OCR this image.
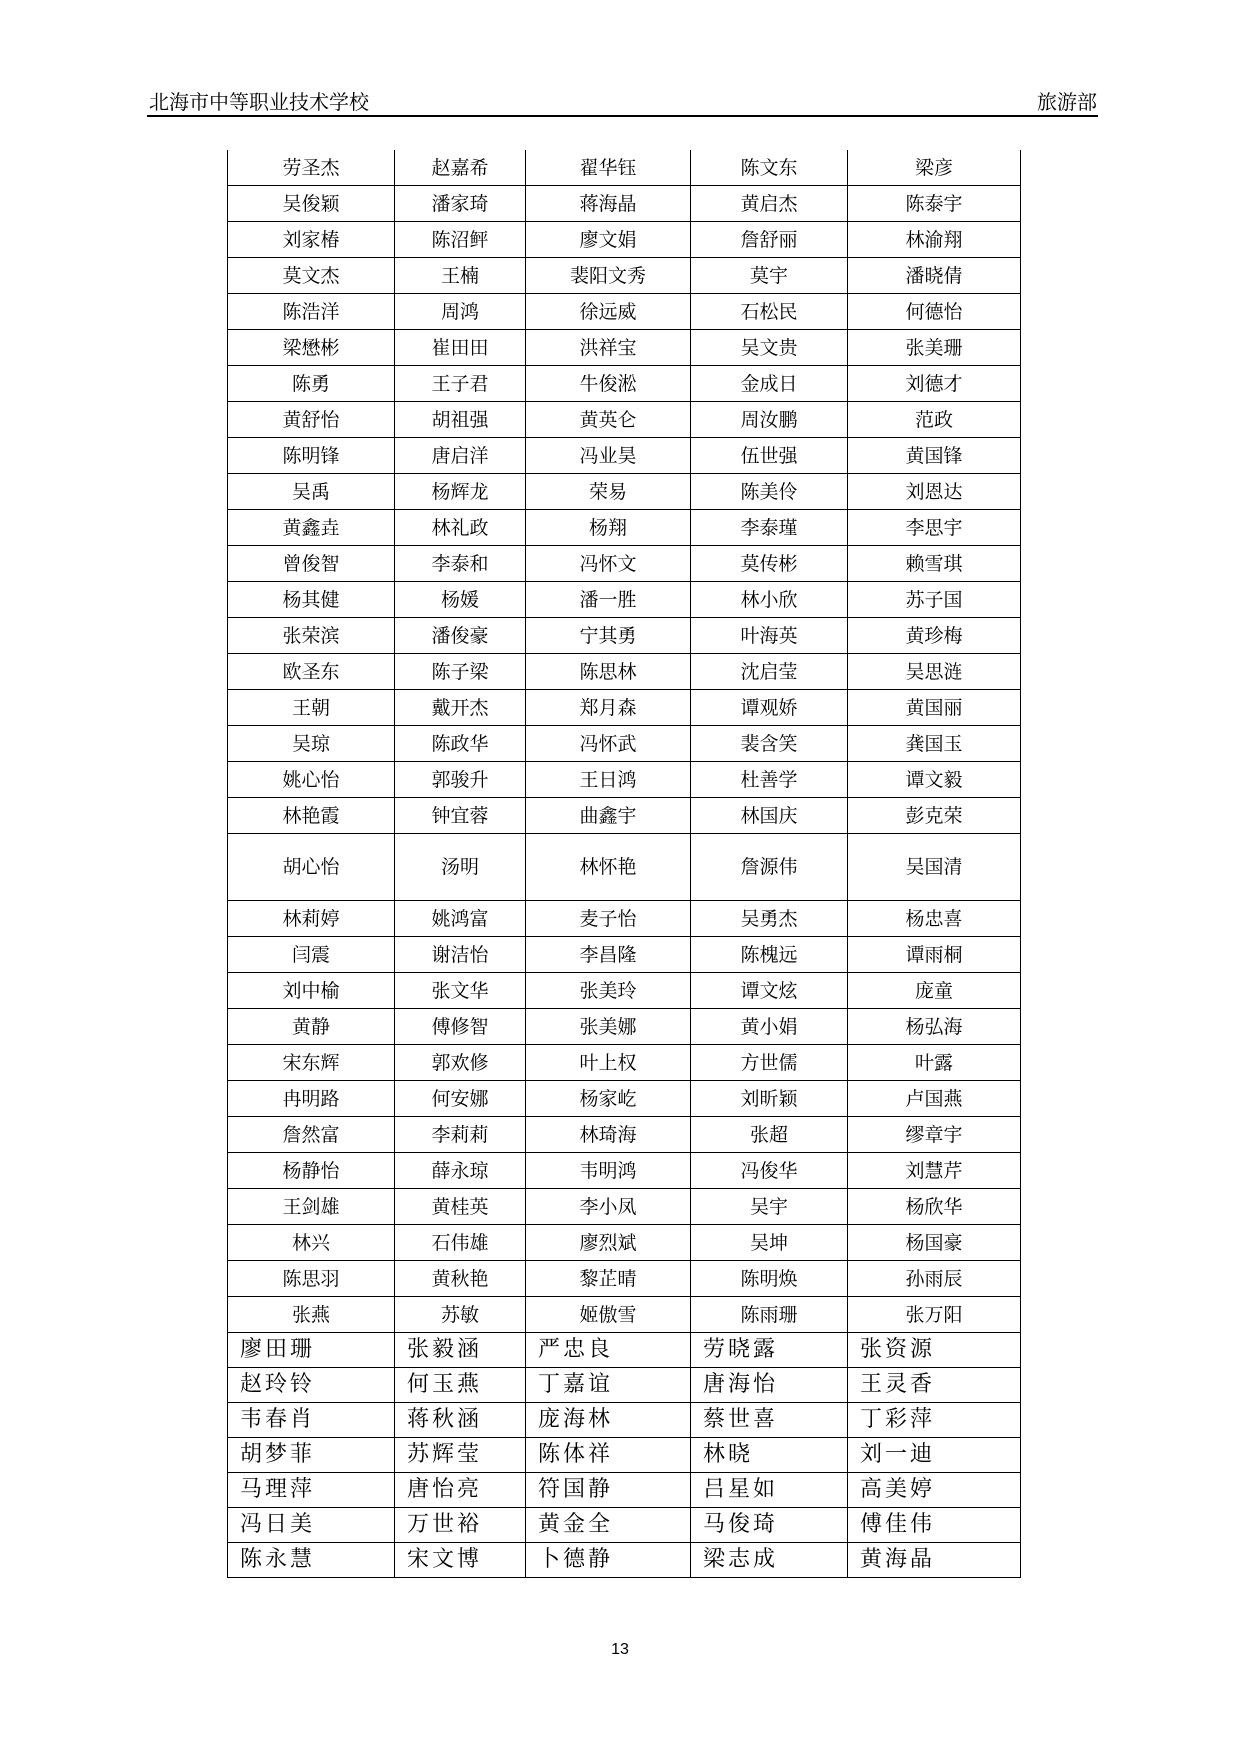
北海市中等职业技术学校	旅游部
劳圣杰	赵嘉希	翟华钰	陈文东	梁彦
吴俊颖	潘家琦	蒋海晶	黄启杰	陈泰宇
刘家椿	陈沼鲆	廖文娟	詹舒丽	林渝翔
莫文杰	王楠	裴阳文秀	莫宇	潘晓倩
陈浩洋	周鸿	徐远威	石松民	何德怡
梁懋彬	崔田田	洪祥宝	吴文贵	张美珊
陈勇	王子君	牛俊淞	金成日	刘德才
黄舒怡	胡祖强	黄英仑	周汝鹏	范政
陈明锋	唐启洋	冯业昊	伍世强	黄国锋
吴禹	杨辉龙	荣易	陈美伶	刘恩达
黄鑫垚	林礼政	杨翔	李泰瑾	李思宇
曾俊智	李泰和	冯怀文	莫传彬	赖雪琪
杨其健	杨媛	潘一胜	林小欣	苏子国
张荣滨	潘俊豪	宁其勇	叶海英	黄珍梅
欧圣东	陈子梁	陈思林	沈启莹	吴思涟
王朝	戴开杰	郑月森	谭观娇	黄国丽
吴琼	陈政华	冯怀武	裴含笑	龚国玉
姚心怡	郭骏升	王日鸿	杜善学	谭文毅
林艳霞	钟宜蓉	曲鑫宇	林国庆	彭克荣
胡心怡	汤明	林怀艳	詹源伟	吴国清
林莉婷	姚鸿富	麦子怡	吴勇杰	杨忠喜
闫震	谢洁怡	李昌隆	陈槐远	谭雨桐
刘中榆	张文华	张美玲	谭文炫	庞童
黄静	傅修智	张美娜	黄小娟	杨弘海
宋东辉	郭欢修	叶上权	方世儒	叶露
冉明路	何安娜	杨家屹	刘昕颖	卢国燕
詹然富	李莉莉	林琦海	张超	缪章宇
杨静怡	薛永琼	韦明鸿	冯俊华	刘慧芹
王剑雄	黄桂英	李小凤	吴宇	杨欣华
林兴	石伟雄	廖烈斌	吴坤	杨国豪
陈思羽	黄秋艳	黎芷晴	陈明焕	孙雨辰
张燕	苏敏	姬傲雪	陈雨珊	张万阳
廖田珊	张毅涵	严忠良	劳晓露	张资源
赵玲铃	何玉燕	丁嘉谊	唐海怡	王灵香
韦春肖	蒋秋涵	庞海林	蔡世喜	丁彩萍
胡梦菲	苏辉莹	陈体祥	林晓	刘一迪
马理萍	唐怡亮	符国静	吕星如	高美婷
冯日美	万世裕	黄金全	马俊琦	傅佳伟
陈永慧	宋文博	卜德静	梁志成	黄海晶
13
